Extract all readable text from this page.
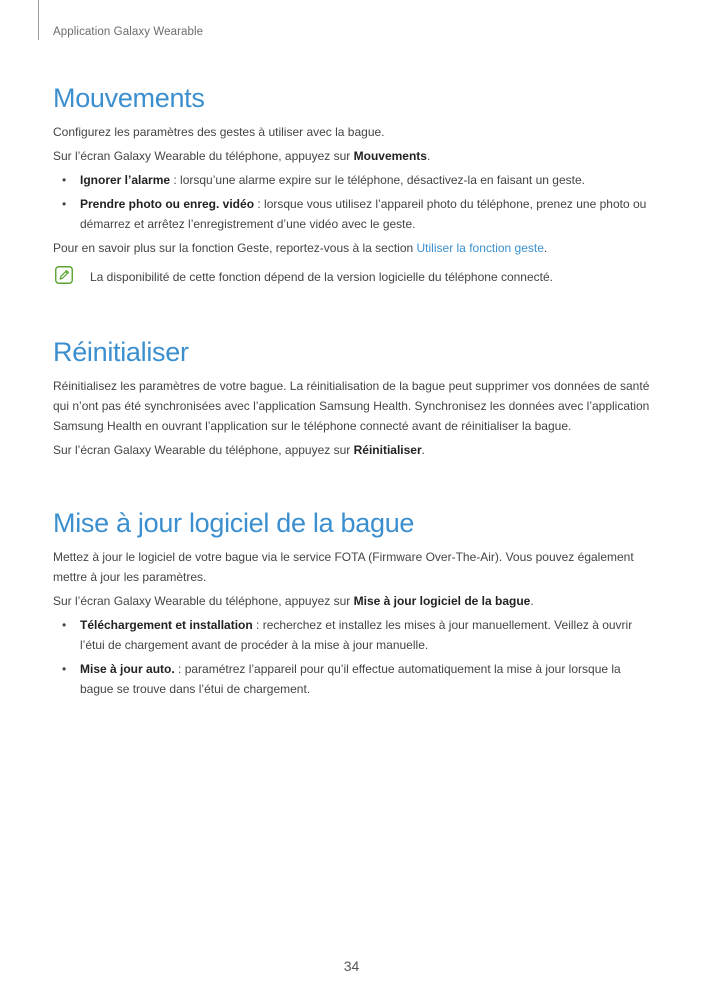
Application Galaxy Wearable
Mouvements

Configurez les paramètres des gestes à utiliser avec la bague.

Sur l’écran Galaxy Wearable du téléphone, appuyez sur Mouvements.

• Ignorer l’alarme : lorsqu’une alarme expire sur le téléphone, désactivez-la en faisant un geste.
• Prendre photo ou enreg. vidéo : lorsque vous utilisez l’appareil photo du téléphone, prenez une photo ou démarrez et arrêtez l’enregistrement d’une vidéo avec le geste.

Pour en savoir plus sur la fonction Geste, reportez-vous à la section Utiliser la fonction geste.

La disponibilité de cette fonction dépend de la version logicielle du téléphone connecté.
Réinitialiser

Réinitialisez les paramètres de votre bague. La réinitialisation de la bague peut supprimer vos données de santé qui n’ont pas été synchronisées avec l’application Samsung Health. Synchronisez les données avec l’application Samsung Health en ouvrant l’application sur le téléphone connecté avant de réinitialiser la bague.

Sur l’écran Galaxy Wearable du téléphone, appuyez sur Réinitialiser.

Mise à jour logiciel de la bague

Mettez à jour le logiciel de votre bague via le service FOTA (Firmware Over-The-Air). Vous pouvez également mettre à jour les paramètres.

Sur l’écran Galaxy Wearable du téléphone, appuyez sur Mise à jour logiciel de la bague.

• Téléchargement et installation : recherchez et installez les mises à jour manuellement. Veillez à ouvrir l’étui de chargement avant de procéder à la mise à jour manuelle.
• Mise à jour auto. : paramétrez l’appareil pour qu’il effectue automatiquement la mise à jour lorsque la bague se trouve dans l’étui de chargement.
34
